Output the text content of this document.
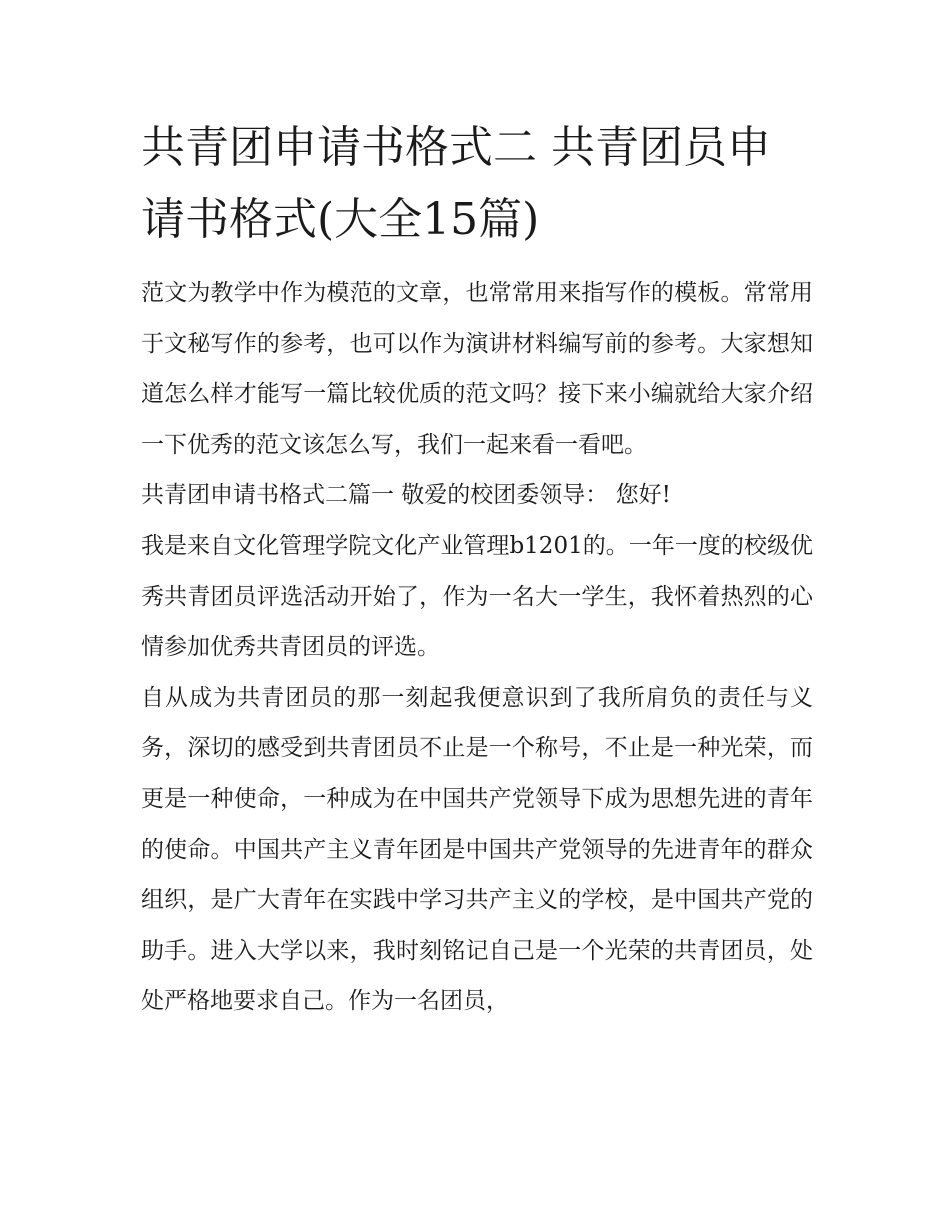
共青团申请书格式二 共青团员申请书格式(大全15篇)

范文为教学中作为模范的文章，也常常用来指写作的模板。常常用于文秘写作的参考，也可以作为演讲材料编写前的参考。大家想知道怎么样才能写一篇比较优质的范文吗？接下来小编就给大家介绍一下优秀的范文该怎么写，我们一起来看一看吧。

共青团申请书格式二篇一 敬爱的校团委领导： 您好!

我是来自文化管理学院文化产业管理b1201的。一年一度的校级优秀共青团员评选活动开始了，作为一名大一学生，我怀着热烈的心情参加优秀共青团员的评选。

自从成为共青团员的那一刻起我便意识到了我所肩负的责任与义务，深切的感受到共青团员不止是一个称号，不止是一种光荣，而更是一种使命，一种成为在中国共产党领导下成为思想先进的青年的使命。中国共产主义青年团是中国共产党领导的先进青年的群众组织，是广大青年在实践中学习共产主义的学校，是中国共产党的助手。进入大学以来，我时刻铭记自己是一个光荣的共青团员，处处严格地要求自己。作为一名团员，
